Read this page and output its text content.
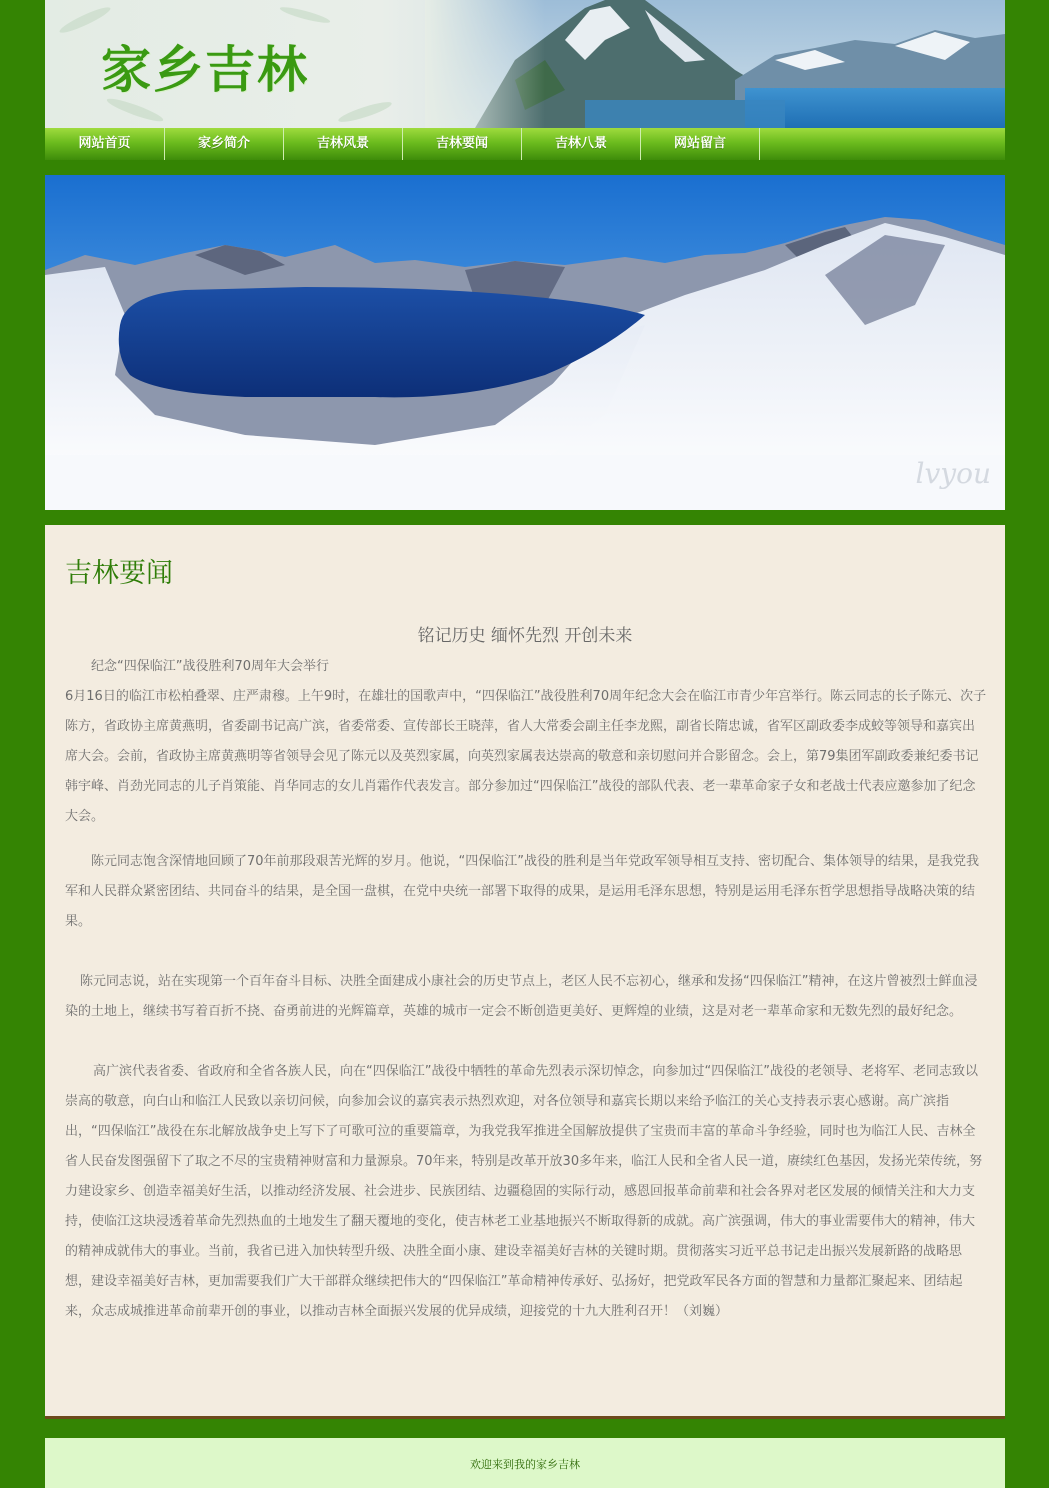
家乡吉林
网站首页	家乡简介	吉林风景	吉林要闻	吉林八景	网站留言
lvyou
吉林要闻
铭记历史 缅怀先烈 开创未来

纪念“四保临江”战役胜利70周年大会举行

6月16日的临江市松柏叠翠、庄严肃穆。上午9时，在雄壮的国歌声中，“四保临江”战役胜利70周年纪念大会在临江市青少年宫举行。陈云同志的长子陈元、次子陈方，省政协主席黄燕明，省委副书记高广滨，省委常委、宣传部长王晓萍，省人大常委会副主任李龙熙，副省长隋忠诚，省军区副政委李成蛟等领导和嘉宾出席大会。会前，省政协主席黄燕明等省领导会见了陈元以及英烈家属，向英烈家属表达崇高的敬意和亲切慰问并合影留念。会上，第79集团军副政委兼纪委书记韩宇峰、肖劲光同志的儿子肖策能、肖华同志的女儿肖霜作代表发言。部分参加过“四保临江”战役的部队代表、老一辈革命家子女和老战士代表应邀参加了纪念大会。

陈元同志饱含深情地回顾了70年前那段艰苦光辉的岁月。他说，“四保临江”战役的胜利是当年党政军领导相互支持、密切配合、集体领导的结果，是我党我军和人民群众紧密团结、共同奋斗的结果，是全国一盘棋，在党中央统一部署下取得的成果，是运用毛泽东思想，特别是运用毛泽东哲学思想指导战略决策的结果。

陈元同志说，站在实现第一个百年奋斗目标、决胜全面建成小康社会的历史节点上，老区人民不忘初心，继承和发扬“四保临江”精神，在这片曾被烈士鲜血浸染的土地上，继续书写着百折不挠、奋勇前进的光辉篇章，英雄的城市一定会不断创造更美好、更辉煌的业绩，这是对老一辈革命家和无数先烈的最好纪念。

高广滨代表省委、省政府和全省各族人民，向在“四保临江”战役中牺牲的革命先烈表示深切悼念，向参加过“四保临江”战役的老领导、老将军、老同志致以崇高的敬意，向白山和临江人民致以亲切问候，向参加会议的嘉宾表示热烈欢迎，对各位领导和嘉宾长期以来给予临江的关心支持表示衷心感谢。高广滨指出，“四保临江”战役在东北解放战争史上写下了可歌可泣的重要篇章，为我党我军推进全国解放提供了宝贵而丰富的革命斗争经验，同时也为临江人民、吉林全省人民奋发图强留下了取之不尽的宝贵精神财富和力量源泉。70年来，特别是改革开放30多年来，临江人民和全省人民一道，赓续红色基因，发扬光荣传统，努力建设家乡、创造幸福美好生活，以推动经济发展、社会进步、民族团结、边疆稳固的实际行动，感恩回报革命前辈和社会各界对老区发展的倾情关注和大力支持，使临江这块浸透着革命先烈热血的土地发生了翻天覆地的变化，使吉林老工业基地振兴不断取得新的成就。高广滨强调，伟大的事业需要伟大的精神，伟大的精神成就伟大的事业。当前，我省已进入加快转型升级、决胜全面小康、建设幸福美好吉林的关键时期。贯彻落实习近平总书记走出振兴发展新路的战略思想，建设幸福美好吉林，更加需要我们广大干部群众继续把伟大的“四保临江”革命精神传承好、弘扬好，把党政军民各方面的智慧和力量都汇聚起来、团结起来，众志成城推进革命前辈开创的事业，以推动吉林全面振兴发展的优异成绩，迎接党的十九大胜利召开！（刘巍）

欢迎来到我的家乡吉林
